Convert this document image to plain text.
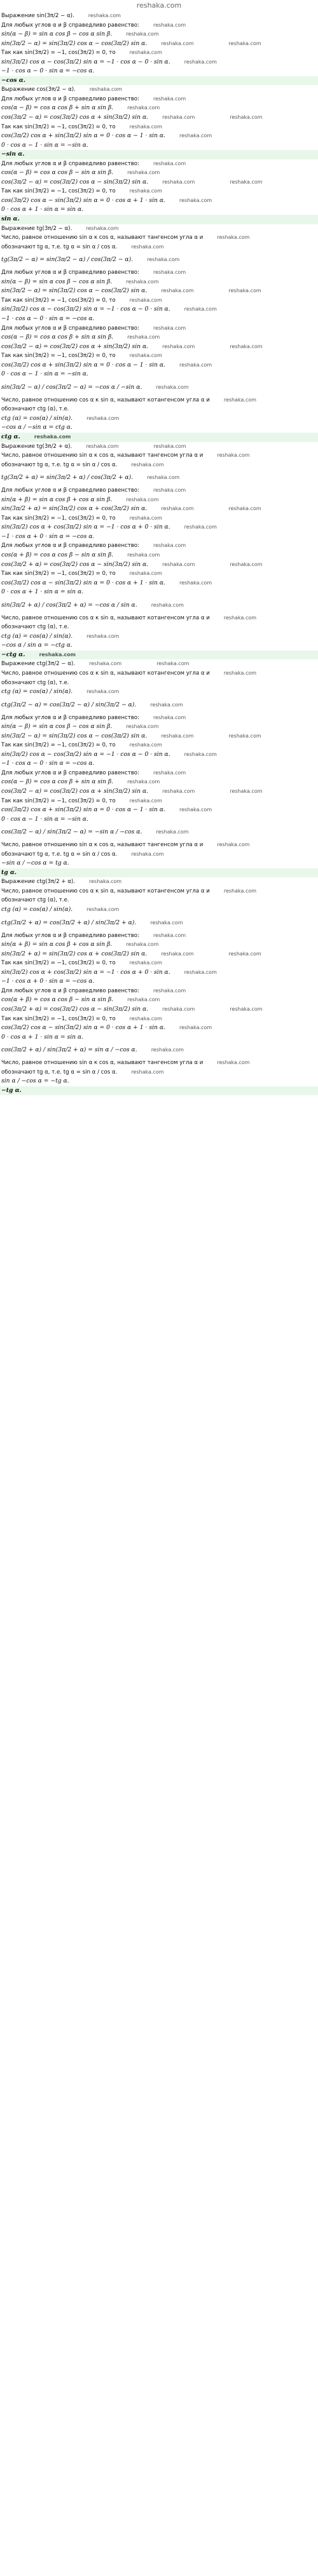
reshaka.com
Выражение sin(3π/2 − α).	reshaka.com
Для любых углов α и β справедливо равенство:	reshaka.com
sin(α − β) = sin α cos β − cos α sin β.	reshaka.com
sin(3π/2 − α) = sin(3π/2) cos α − cos(3π/2) sin α.	reshaka.com	reshaka.com
Так как sin(3π/2) = −1, cos(3π/2) = 0, то	reshaka.com
sin(3π/2) cos α − cos(3π/2) sin α = −1 · cos α − 0 · sin α.	reshaka.com
−1 · cos α − 0 · sin α = −cos α.
−cos α.
Выражение cos(3π/2 − α).	reshaka.com
Для любых углов α и β справедливо равенство:	reshaka.com
cos(α − β) = cos α cos β + sin α sin β.	reshaka.com
cos(3π/2 − α) = cos(3π/2) cos α + sin(3π/2) sin α.	reshaka.com	reshaka.com
Так как sin(3π/2) = −1, cos(3π/2) = 0, то	reshaka.com
cos(3π/2) cos α + sin(3π/2) sin α = 0 · cos α − 1 · sin α.	reshaka.com
0 · cos α − 1 · sin α = −sin α.
−sin α.
Для любых углов α и β справедливо равенство:	reshaka.com
cos(α − β) = cos α cos β − sin α sin β.	reshaka.com
cos(3π/2 − α) = cos(3π/2) cos α − sin(3π/2) sin α.	reshaka.com	reshaka.com
Так как sin(3π/2) = −1, cos(3π/2) = 0, то	reshaka.com
cos(3π/2) cos α − sin(3π/2) sin α = 0 · cos α + 1 · sin α.	reshaka.com
0 · cos α + 1 · sin α = sin α.
sin α.
Выражение tg(3π/2 − α).	reshaka.com
Число, равное отношению sin α к cos α, называют тангенсом угла α и	reshaka.com
обозначают tg α, т.е. tg α = sin α / cos α.	reshaka.com
tg(3π/2 − α) = sin(3π/2 − α) / cos(3π/2 − α).	reshaka.com
Для любых углов α и β справедливо равенство:	reshaka.com
sin(α − β) = sin α cos β − cos α sin β.	reshaka.com
sin(3π/2 − α) = sin(3π/2) cos α − cos(3π/2) sin α.	reshaka.com	reshaka.com
Так как sin(3π/2) = −1, cos(3π/2) = 0, то	reshaka.com
sin(3π/2) cos α − cos(3π/2) sin α = −1 · cos α − 0 · sin α.	reshaka.com
−1 · cos α − 0 · sin α = −cos α.
Для любых углов α и β справедливо равенство:	reshaka.com
cos(α − β) = cos α cos β + sin α sin β.	reshaka.com
cos(3π/2 − α) = cos(3π/2) cos α + sin(3π/2) sin α.	reshaka.com	reshaka.com
Так как sin(3π/2) = −1, cos(3π/2) = 0, то	reshaka.com
cos(3π/2) cos α + sin(3π/2) sin α = 0 · cos α − 1 · sin α.	reshaka.com
0 · cos α − 1 · sin α = −sin α.
sin(3π/2 − α) / cos(3π/2 − α) = −cos α / −sin α.	reshaka.com
Число, равное отношению cos α к sin α, называют котангенсом угла α и	reshaka.com
обозначают ctg (α), т.е.
ctg (α) = cos(α) / sin(α).	reshaka.com
−cos α / −sin α = ctg α.
ctg α.	reshaka.com
Выражение tg(3π/2 + α).	reshaka.com	reshaka.com
Число, равное отношению sin α к cos α, называют тангенсом угла α и	reshaka.com
обозначают tg α, т.е. tg α = sin α / cos α.	reshaka.com
tg(3π/2 + α) = sin(3π/2 + α) / cos(3π/2 + α).	reshaka.com
Для любых углов α и β справедливо равенство:	reshaka.com
sin(α + β) = sin α cos β + cos α sin β.	reshaka.com
sin(3π/2 + α) = sin(3π/2) cos α + cos(3π/2) sin α.	reshaka.com	reshaka.com
Так как sin(3π/2) = −1, cos(3π/2) = 0, то	reshaka.com
sin(3π/2) cos α + cos(3π/2) sin α = −1 · cos α + 0 · sin α.	reshaka.com
−1 · cos α + 0 · sin α = −cos α.
Для любых углов α и β справедливо равенство:	reshaka.com
cos(α + β) = cos α cos β − sin α sin β.	reshaka.com
cos(3π/2 + α) = cos(3π/2) cos α − sin(3π/2) sin α.	reshaka.com	reshaka.com
Так как sin(3π/2) = −1, cos(3π/2) = 0, то	reshaka.com
cos(3π/2) cos α − sin(3π/2) sin α = 0 · cos α + 1 · sin α.	reshaka.com
0 · cos α + 1 · sin α = sin α.
sin(3π/2 + α) / cos(3π/2 + α) = −cos α / sin α.	reshaka.com
Число, равное отношению cos α к sin α, называют котангенсом угла α и	reshaka.com
обозначают ctg (α), т.е.
ctg (α) = cos(α) / sin(α).	reshaka.com
−cos α / sin α = −ctg α.
−ctg α.	reshaka.com
Выражение ctg(3π/2 − α).	reshaka.com	reshaka.com
Число, равное отношению cos α к sin α, называют котангенсом угла α и	reshaka.com
обозначают ctg (α), т.е.
ctg (α) = cos(α) / sin(α).	reshaka.com
ctg(3π/2 − α) = cos(3π/2 − α) / sin(3π/2 − α).	reshaka.com
Для любых углов α и β справедливо равенство:	reshaka.com
sin(α − β) = sin α cos β − cos α sin β.	reshaka.com
sin(3π/2 − α) = sin(3π/2) cos α − cos(3π/2) sin α.	reshaka.com	reshaka.com
Так как sin(3π/2) = −1, cos(3π/2) = 0, то	reshaka.com
sin(3π/2) cos α − cos(3π/2) sin α = −1 · cos α − 0 · sin α.	reshaka.com
−1 · cos α − 0 · sin α = −cos α.
Для любых углов α и β справедливо равенство:	reshaka.com
cos(α − β) = cos α cos β + sin α sin β.	reshaka.com
cos(3π/2 − α) = cos(3π/2) cos α + sin(3π/2) sin α.	reshaka.com	reshaka.com
Так как sin(3π/2) = −1, cos(3π/2) = 0, то	reshaka.com
cos(3π/2) cos α + sin(3π/2) sin α = 0 · cos α − 1 · sin α.	reshaka.com
0 · cos α − 1 · sin α = −sin α.
cos(3π/2 − α) / sin(3π/2 − α) = −sin α / −cos α.	reshaka.com
Число, равное отношению sin α к cos α, называют тангенсом угла α и	reshaka.com
обозначают tg α, т.е. tg α = sin α / cos α.	reshaka.com
−sin α / −cos α = tg α.
tg α.
Выражение ctg(3π/2 + α).	reshaka.com
Число, равное отношению cos α к sin α, называют котангенсом угла α и	reshaka.com
обозначают ctg (α), т.е.
ctg (α) = cos(α) / sin(α).	reshaka.com
ctg(3π/2 + α) = cos(3π/2 + α) / sin(3π/2 + α).	reshaka.com
Для любых углов α и β справедливо равенство:	reshaka.com
sin(α + β) = sin α cos β + cos α sin β.	reshaka.com
sin(3π/2 + α) = sin(3π/2) cos α + cos(3π/2) sin α.	reshaka.com	reshaka.com
Так как sin(3π/2) = −1, cos(3π/2) = 0, то	reshaka.com
sin(3π/2) cos α + cos(3π/2) sin α = −1 · cos α + 0 · sin α.	reshaka.com
−1 · cos α + 0 · sin α = −cos α.
Для любых углов α и β справедливо равенство:	reshaka.com
cos(α + β) = cos α cos β − sin α sin β.	reshaka.com
cos(3π/2 + α) = cos(3π/2) cos α − sin(3π/2) sin α.	reshaka.com	reshaka.com
Так как sin(3π/2) = −1, cos(3π/2) = 0, то	reshaka.com
cos(3π/2) cos α − sin(3π/2) sin α = 0 · cos α + 1 · sin α.	reshaka.com
0 · cos α + 1 · sin α = sin α.
cos(3π/2 + α) / sin(3π/2 + α) = sin α / −cos α.	reshaka.com
Число, равное отношению sin α к cos α, называют тангенсом угла α и	reshaka.com
обозначают tg α, т.е. tg α = sin α / cos α.	reshaka.com
sin α / −cos α = −tg α.
−tg α.
